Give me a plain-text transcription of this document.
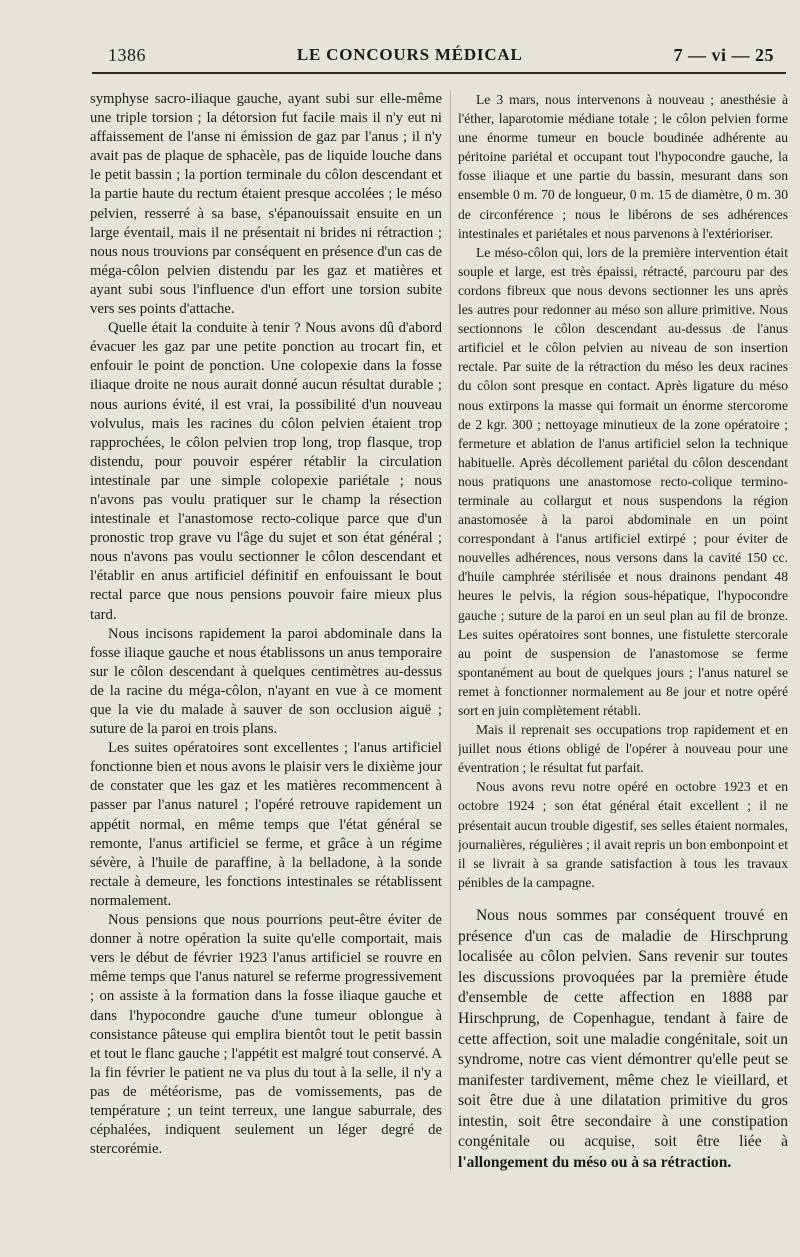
1386	LE CONCOURS MÉDICAL	7 — vi — 25

symphyse sacro-iliaque gauche, ayant subi sur elle-même une triple torsion ; la détorsion fut facile mais il n'y eut ni affaissement de l'anse ni émission de gaz par l'anus ; il n'y avait pas de plaque de sphacèle, pas de liquide louche dans le petit bassin ; la portion terminale du côlon descendant et la partie haute du rectum étaient presque accolées ; le méso pelvien, resserré à sa base, s'épanouissait ensuite en un large éventail, mais il ne présentait ni brides ni rétraction ; nous nous trouvions par conséquent en présence d'un cas de méga-côlon pelvien distendu par les gaz et matières et ayant subi sous l'influence d'un effort une torsion subite vers ses points d'attache.

Quelle était la conduite à tenir ? Nous avons dû d'abord évacuer les gaz par une petite ponction au trocart fin, et enfouir le point de ponction. Une colopexie dans la fosse iliaque droite ne nous aurait donné aucun résultat durable ; nous aurions évité, il est vrai, la possibilité d'un nouveau volvulus, mais les racines du côlon pelvien étaient trop rapprochées, le côlon pelvien trop long, trop flasque, trop distendu, pour pouvoir espérer rétablir la circulation intestinale par une simple colopexie pariétale ; nous n'avons pas voulu pratiquer sur le champ la résection intestinale et l'anastomose recto-colique parce que d'un pronostic trop grave vu l'âge du sujet et son état général ; nous n'avons pas voulu sectionner le côlon descendant et l'établir en anus artificiel définitif en enfouissant le bout rectal parce que nous pensions pouvoir faire mieux plus tard.

Nous incisons rapidement la paroi abdominale dans la fosse iliaque gauche et nous établissons un anus temporaire sur le côlon descendant à quelques centimètres au-dessus de la racine du méga-côlon, n'ayant en vue à ce moment que la vie du malade à sauver de son occlusion aiguë ; suture de la paroi en trois plans.

Les suites opératoires sont excellentes ; l'anus artificiel fonctionne bien et nous avons le plaisir vers le dixième jour de constater que les gaz et les matières recommencent à passer par l'anus naturel ; l'opéré retrouve rapidement un appétit normal, en même temps que l'état général se remonte, l'anus artificiel se ferme, et grâce à un régime sévère, à l'huile de paraffine, à la belladone, à la sonde rectale à demeure, les fonctions intestinales se rétablissent normalement.

Nous pensions que nous pourrions peut-être éviter de donner à notre opération la suite qu'elle comportait, mais vers le début de février 1923 l'anus artificiel se rouvre en même temps que l'anus naturel se referme progressivement ; on assiste à la formation dans la fosse iliaque gauche et dans l'hypocondre gauche d'une tumeur oblongue à consistance pâteuse qui emplira bientôt tout le petit bassin et tout le flanc gauche ; l'appétit est malgré tout conservé. A la fin février le patient ne va plus du tout à la selle, il n'y a pas de météorisme, pas de vomissements, pas de température ; un teint terreux, une langue saburrale, des céphalées, indiquent seulement un léger degré de stercorémie.

Le 3 mars, nous intervenons à nouveau ; anesthésie à l'éther, laparotomie médiane totale ; le côlon pelvien forme une énorme tumeur en boucle boudinée adhérente au péritoine pariétal et occupant tout l'hypocondre gauche, la fosse iliaque et une partie du bassin, mesurant dans son ensemble 0 m. 70 de longueur, 0 m. 15 de diamètre, 0 m. 30 de circonférence ; nous le libérons de ses adhérences intestinales et pariétales et nous parvenons à l'extérioriser.

Le méso-côlon qui, lors de la première intervention était souple et large, est très épaissi, rétracté, parcouru par des cordons fibreux que nous devons sectionner les uns après les autres pour redonner au méso son allure primitive. Nous sectionnons le côlon descendant au-dessus de l'anus artificiel et le côlon pelvien au niveau de son insertion rectale. Par suite de la rétraction du méso les deux racines du côlon sont presque en contact. Après ligature du méso nous extirpons la masse qui formait un énorme stercorome de 2 kgr. 300 ; nettoyage minutieux de la zone opératoire ; fermeture et ablation de l'anus artificiel selon la technique habituelle. Après décollement pariétal du côlon descendant nous pratiquons une anastomose recto-colique termino-terminale au collargut et nous suspendons la région anastomosée à la paroi abdominale en un point correspondant à l'anus artificiel extirpé ; pour éviter de nouvelles adhérences, nous versons dans la cavité 150 cc. d'huile camphrée stérilisée et nous drainons pendant 48 heures le pelvis, la région sous-hépatique, l'hypocondre gauche ; suture de la paroi en un seul plan au fil de bronze. Les suites opératoires sont bonnes, une fistulette stercorale au point de suspension de l'anastomose se ferme spontanément au bout de quelques jours ; l'anus naturel se remet à fonctionner normalement au 8e jour et notre opéré sort en juin complètement rétabli.

Mais il reprenait ses occupations trop rapidement et en juillet nous étions obligé de l'opérer à nouveau pour une éventration ; le résultat fut parfait.

Nous avons revu notre opéré en octobre 1923 et en octobre 1924 ; son état général était excellent ; il ne présentait aucun trouble digestif, ses selles étaient normales, journalières, régulières ; il avait repris un bon embonpoint et il se livrait à sa grande satisfaction à tous les travaux pénibles de la campagne.

Nous nous sommes par conséquent trouvé en présence d'un cas de maladie de Hirschprung localisée au côlon pelvien. Sans revenir sur toutes les discussions provoquées par la première étude d'ensemble de cette affection en 1888 par Hirschprung, de Copenhague, tendant à faire de cette affection, soit une maladie congénitale, soit un syndrome, notre cas vient démontrer qu'elle peut se manifester tardivement, même chez le vieillard, et soit être due à une dilatation primitive du gros intestin, soit être secondaire à une constipation congénitale ou acquise, soit être liée à l'allongement du méso ou à sa rétraction.
